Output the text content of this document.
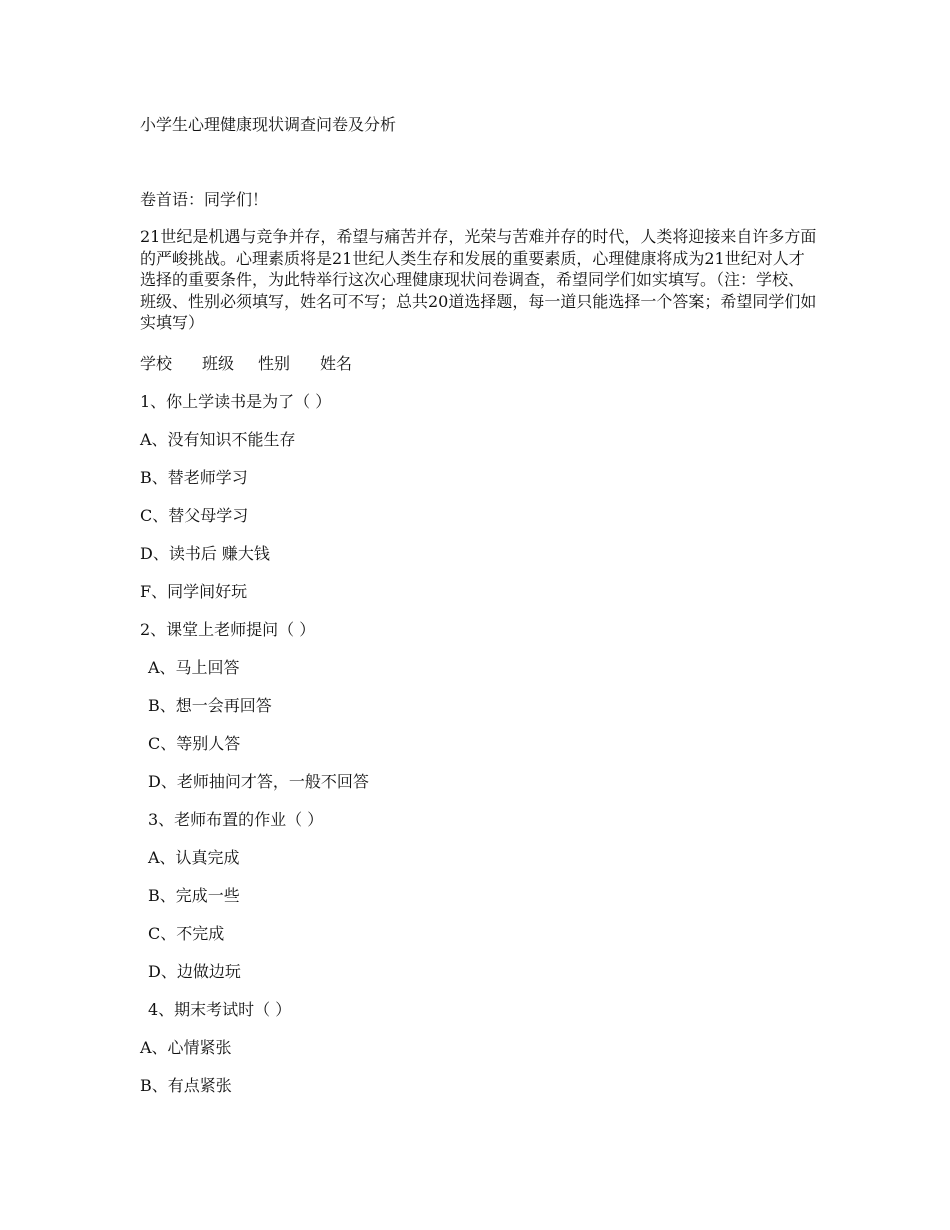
小学生心理健康现状调查问卷及分析
卷首语：同学们！
21世纪是机遇与竞争并存，希望与痛苦并存，光荣与苦难并存的时代，人类将迎接来自许多方面的严峻挑战。心理素质将是21世纪人类生存和发展的重要素质，心理健康将成为21世纪对人才选择的重要条件，为此特举行这次心理健康现状问卷调查，希望同学们如实填写。（注：学校、班级、性别必须填写，姓名可不写；总共20道选择题，每一道只能选择一个答案；希望同学们如实填写）
学校	班级	性别	姓名
1、你上学读书是为了（ ）
A、没有知识不能生存
B、替老师学习
C、替父母学习
D、读书后 赚大钱
F、同学间好玩
2、课堂上老师提问（ ）
A、马上回答
B、想一会再回答
C、等别人答
D、老师抽问才答，一般不回答
3、老师布置的作业（ ）
A、认真完成
B、完成一些
C、不完成
D、边做边玩
4、期末考试时（ ）
A、心情紧张
B、有点紧张
